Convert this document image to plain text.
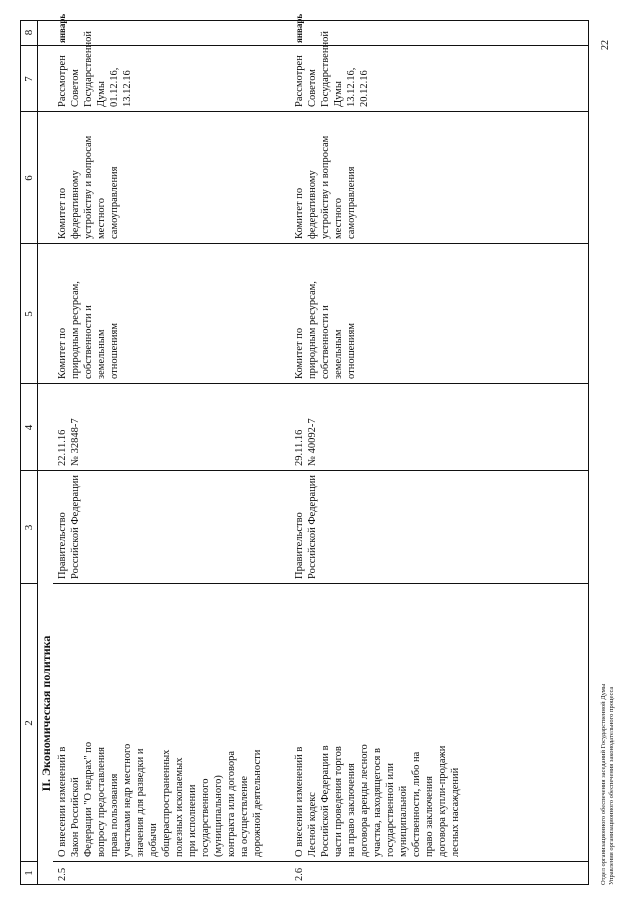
1
2
3
4
5
6
7
8
II. Экономическая политика
2.5
О внесении изменений в
Закон Российской
Федерации "О недрах" по
вопросу предоставления
права пользования
участками недр местного
значения для разведки и
добычи
общераспространенных
полезных ископаемых
при исполнении
государственного
(муниципального)
контракта или договора
на осуществление
дорожной деятельности
Правительство
Российской Федерации
22.11.16
№ 32848-7
Комитет по
природным ресурсам,
собственности и
земельным
отношениям
Комитет по
федеративному
устройству и вопросам
местного
самоуправления
Рассмотрен
Советом
Государственной
Думы 01.12.16,
13.12.16
январь
2.6
О внесении изменений в
Лесной кодекс
Российской Федерации в
части проведения торгов
на право заключения
договора аренды лесного
участка, находящегося в
государственной или
муниципальной
собственности, либо на
право заключения
договора купли-продажи
лесных насаждений
Правительство
Российской Федерации
29.11.16
№ 40092-7
Комитет по
природным ресурсам,
собственности и
земельным
отношениям
Комитет по
федеративному
устройству и вопросам
местного
самоуправления
Рассмотрен
Советом
Государственной
Думы 13.12.16,
20.12.16
январь
Отдел организационного обеспечения заседаний Государственной Думы Управления организационного обеспечения законодательного процесса
22
